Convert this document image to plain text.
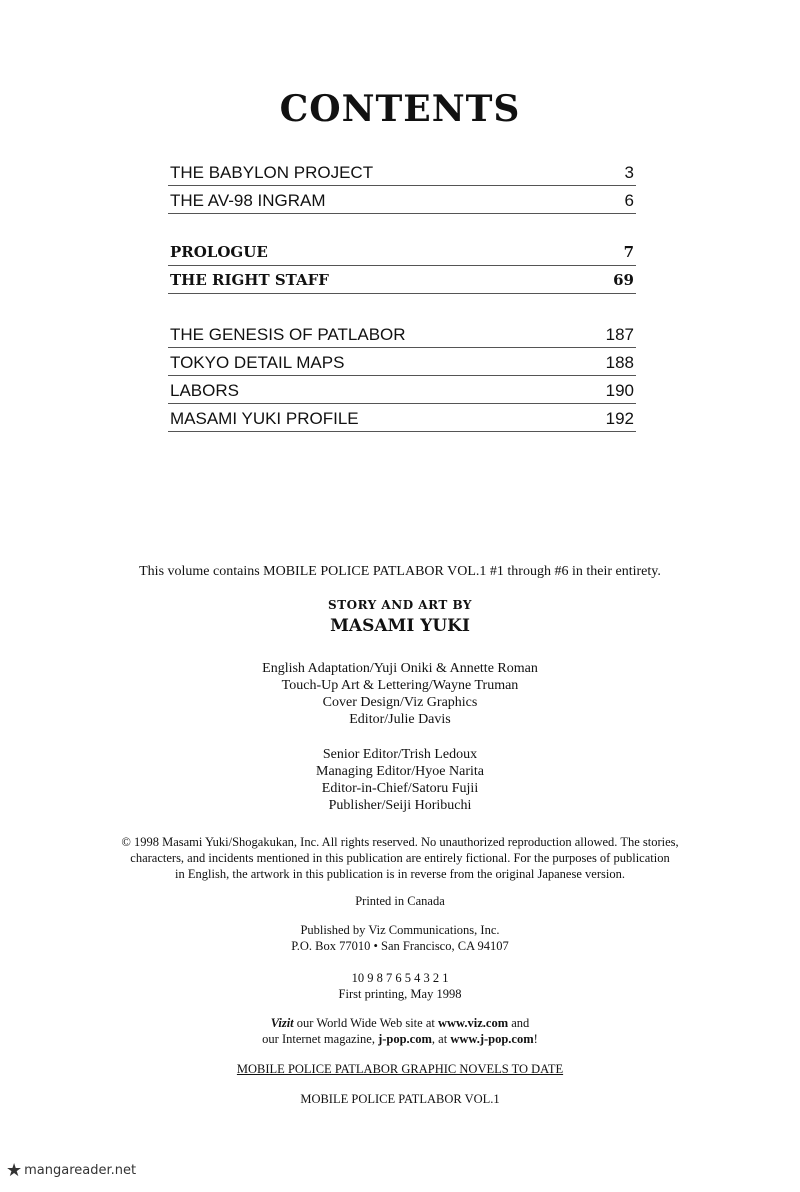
CONTENTS
THE BABYLON PROJECT	3
THE AV-98 INGRAM	6
PROLOGUE	7
THE RIGHT STAFF	69
THE GENESIS OF PATLABOR	187
TOKYO DETAIL MAPS	188
LABORS	190
MASAMI YUKI PROFILE	192
This volume contains MOBILE POLICE PATLABOR VOL.1 #1 through #6 in their entirety.
STORY AND ART BY
MASAMI YUKI
English Adaptation/Yuji Oniki & Annette Roman
Touch-Up Art & Lettering/Wayne Truman
Cover Design/Viz Graphics
Editor/Julie Davis
Senior Editor/Trish Ledoux
Managing Editor/Hyoe Narita
Editor-in-Chief/Satoru Fujii
Publisher/Seiji Horibuchi
© 1998 Masami Yuki/Shogakukan, Inc. All rights reserved. No unauthorized reproduction allowed. The stories,
characters, and incidents mentioned in this publication are entirely fictional. For the purposes of publication
in English, the artwork in this publication is in reverse from the original Japanese version.
Printed in Canada
Published by Viz Communications, Inc.
P.O. Box 77010 • San Francisco, CA 94107
10 9 8 7 6 5 4 3 2 1
First printing, May 1998
Vizit our World Wide Web site at www.viz.com and
our Internet magazine, j-pop.com, at www.j-pop.com!
MOBILE POLICE PATLABOR GRAPHIC NOVELS TO DATE
MOBILE POLICE PATLABOR VOL.1
★ mangareader.net
